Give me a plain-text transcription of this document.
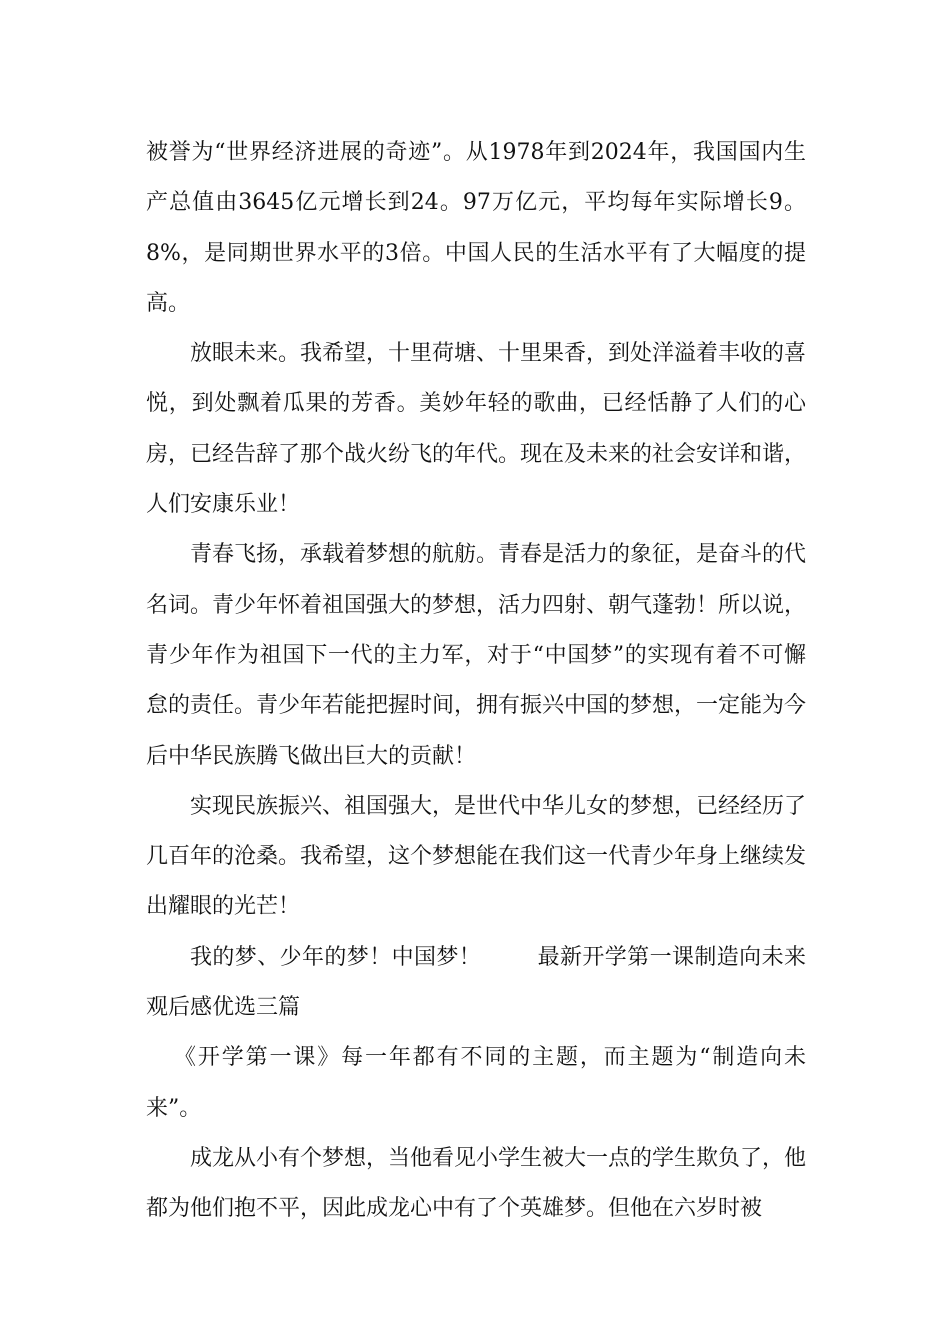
被誉为“世界经济进展的奇迹”。从1978年到2024年，我国国内生产总值由3645亿元增长到24。97万亿元，平均每年实际增长9。8%，是同期世界水平的3倍。中国人民的生活水平有了大幅度的提高。

放眼未来。我希望，十里荷塘、十里果香，到处洋溢着丰收的喜悦，到处飘着瓜果的芳香。美妙年轻的歌曲，已经恬静了人们的心房，已经告辞了那个战火纷飞的年代。现在及未来的社会安详和谐，人们安康乐业！

青春飞扬，承载着梦想的航舫。青春是活力的象征，是奋斗的代名词。青少年怀着祖国强大的梦想，活力四射、朝气蓬勃！所以说，青少年作为祖国下一代的主力军，对于“中国梦”的实现有着不可懈怠的责任。青少年若能把握时间，拥有振兴中国的梦想，一定能为今后中华民族腾飞做出巨大的贡献！

实现民族振兴、祖国强大，是世代中华儿女的梦想，已经经历了几百年的沧桑。我希望，这个梦想能在我们这一代青少年身上继续发出耀眼的光芒！

我的梦、少年的梦！中国梦！	最新开学第一课制造向未来观后感优选三篇

《开学第一课》每一年都有不同的主题，而主题为“制造向未来”。

成龙从小有个梦想，当他看见小学生被大一点的学生欺负了，他都为他们抱不平，因此成龙心中有了个英雄梦。但他在六岁时被
